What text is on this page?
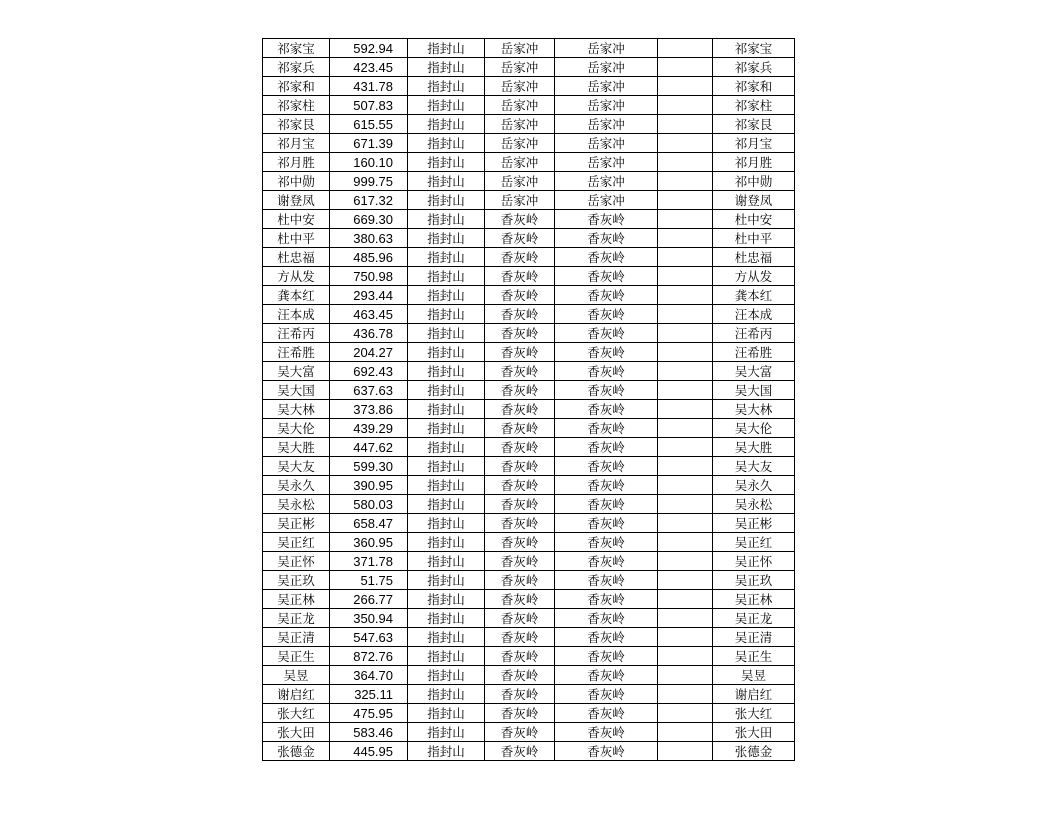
祁家宝	592.94	指封山	岳家冲	岳家冲		祁家宝
祁家兵	423.45	指封山	岳家冲	岳家冲		祁家兵
祁家和	431.78	指封山	岳家冲	岳家冲		祁家和
祁家柱	507.83	指封山	岳家冲	岳家冲		祁家柱
祁家艮	615.55	指封山	岳家冲	岳家冲		祁家艮
祁月宝	671.39	指封山	岳家冲	岳家冲		祁月宝
祁月胜	160.10	指封山	岳家冲	岳家冲		祁月胜
祁中勋	999.75	指封山	岳家冲	岳家冲		祁中勋
谢登凤	617.32	指封山	岳家冲	岳家冲		谢登凤
杜中安	669.30	指封山	香灰岭	香灰岭		杜中安
杜中平	380.63	指封山	香灰岭	香灰岭		杜中平
杜忠福	485.96	指封山	香灰岭	香灰岭		杜忠福
方从发	750.98	指封山	香灰岭	香灰岭		方从发
龚本红	293.44	指封山	香灰岭	香灰岭		龚本红
汪本成	463.45	指封山	香灰岭	香灰岭		汪本成
汪希丙	436.78	指封山	香灰岭	香灰岭		汪希丙
汪希胜	204.27	指封山	香灰岭	香灰岭		汪希胜
吴大富	692.43	指封山	香灰岭	香灰岭		吴大富
吴大国	637.63	指封山	香灰岭	香灰岭		吴大国
吴大林	373.86	指封山	香灰岭	香灰岭		吴大林
吴大伦	439.29	指封山	香灰岭	香灰岭		吴大伦
吴大胜	447.62	指封山	香灰岭	香灰岭		吴大胜
吴大友	599.30	指封山	香灰岭	香灰岭		吴大友
吴永久	390.95	指封山	香灰岭	香灰岭		吴永久
吴永松	580.03	指封山	香灰岭	香灰岭		吴永松
吴正彬	658.47	指封山	香灰岭	香灰岭		吴正彬
吴正红	360.95	指封山	香灰岭	香灰岭		吴正红
吴正怀	371.78	指封山	香灰岭	香灰岭		吴正怀
吴正玖	51.75	指封山	香灰岭	香灰岭		吴正玖
吴正林	266.77	指封山	香灰岭	香灰岭		吴正林
吴正龙	350.94	指封山	香灰岭	香灰岭		吴正龙
吴正清	547.63	指封山	香灰岭	香灰岭		吴正清
吴正生	872.76	指封山	香灰岭	香灰岭		吴正生
吴昱	364.70	指封山	香灰岭	香灰岭		吴昱
谢启红	325.11	指封山	香灰岭	香灰岭		谢启红
张大红	475.95	指封山	香灰岭	香灰岭		张大红
张大田	583.46	指封山	香灰岭	香灰岭		张大田
张德金	445.95	指封山	香灰岭	香灰岭		张德金
